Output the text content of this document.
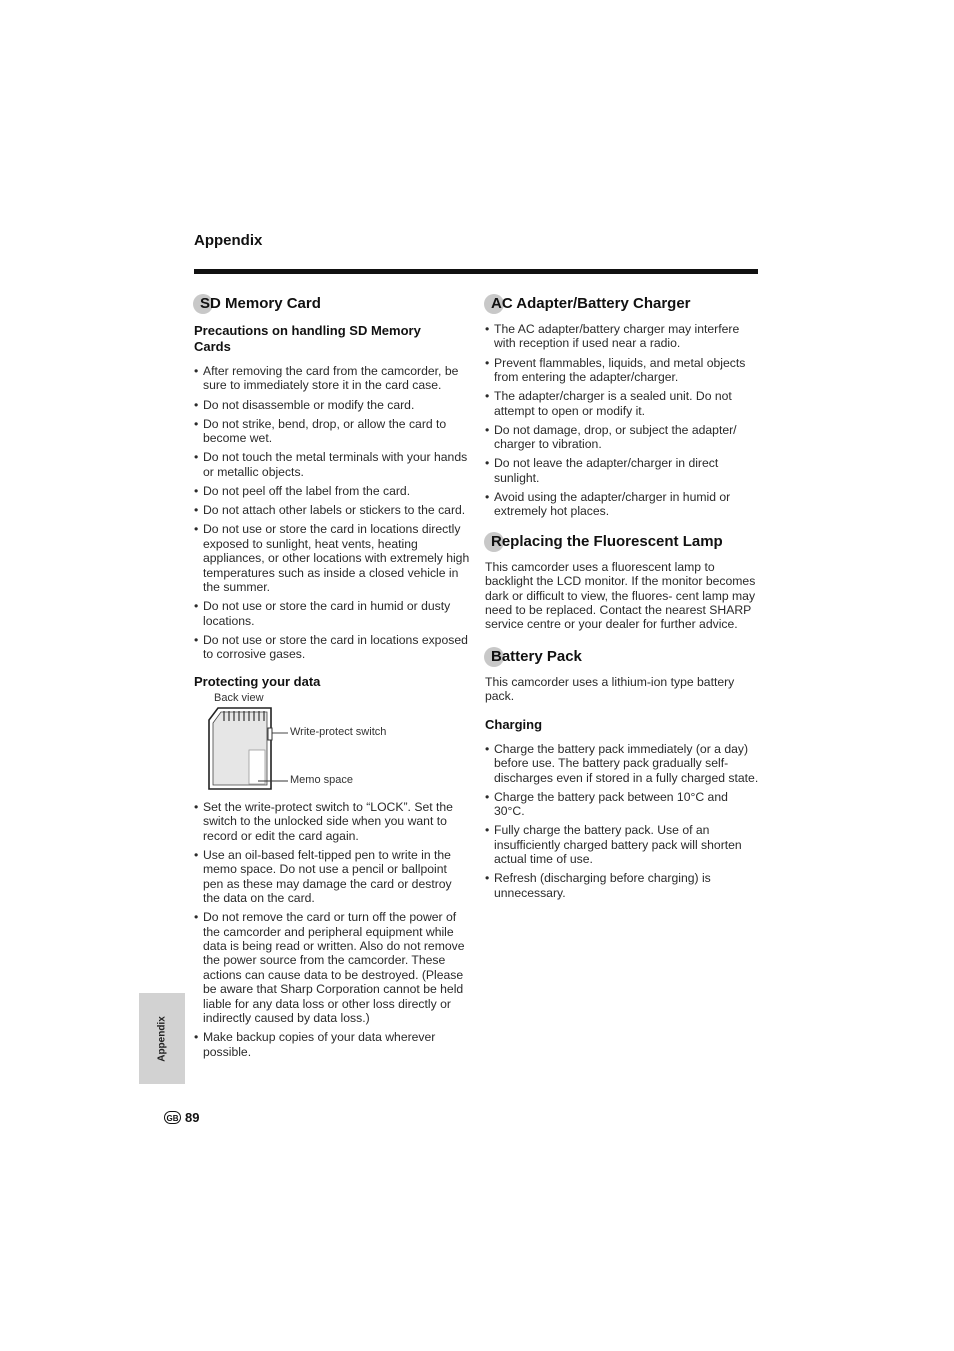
Appendix
SD Memory Card
Precautions on handling SD Memory Cards
• After removing the card from the camcorder, be sure to immediately store it in the card case.
• Do not disassemble or modify the card.
• Do not strike, bend, drop, or allow the card to become wet.
• Do not touch the metal terminals with your hands or metallic objects.
• Do not peel off the label from the card.
• Do not attach other labels or stickers to the card.
• Do not use or store the card in locations directly exposed to sunlight, heat vents, heating appliances, or other locations with extremely high temperatures such as inside a closed vehicle in the summer.
• Do not use or store the card in humid or dusty locations.
• Do not use or store the card in locations exposed to corrosive gases.
Protecting your data
Back view
Write-protect switch
Memo space
• Set the write-protect switch to “LOCK”. Set the switch to the unlocked side when you want to record or edit the card again.
• Use an oil-based felt-tipped pen to write in the memo space. Do not use a pencil or ballpoint pen as these may damage the card or destroy the data on the card.
• Do not remove the card or turn off the power of the camcorder and peripheral equipment while data is being read or written. Also do not remove the power source from the camcorder. These actions can cause data to be destroyed. (Please be aware that Sharp Corporation cannot be held liable for any data loss or other loss directly or indirectly caused by data loss.)
• Make backup copies of your data wherever possible.
AC Adapter/Battery Charger
• The AC adapter/battery charger may interfere with reception if used near a radio.
• Prevent flammables, liquids, and metal objects from entering the adapter/charger.
• The adapter/charger is a sealed unit. Do not attempt to open or modify it.
• Do not damage, drop, or subject the adapter/ charger to vibration.
• Do not leave the adapter/charger in direct sunlight.
• Avoid using the adapter/charger in humid or extremely hot places.
Replacing the Fluorescent Lamp

This camcorder uses a fluorescent lamp to backlight the LCD monitor. If the monitor becomes dark or difficult to view, the fluores- cent lamp may need to be replaced. Contact the nearest SHARP service centre or your dealer for further advice.

Battery Pack

This camcorder uses a lithium-ion type battery pack.

Charging
• Charge the battery pack immediately (or a day) before use. The battery pack gradually self-discharges even if stored in a fully charged state.
• Charge the battery pack between 10°C and 30°C.
• Fully charge the battery pack. Use of an insufficiently charged battery pack will shorten actual time of use.
• Refresh (discharging before charging) is unnecessary.
Appendix
GB 89
